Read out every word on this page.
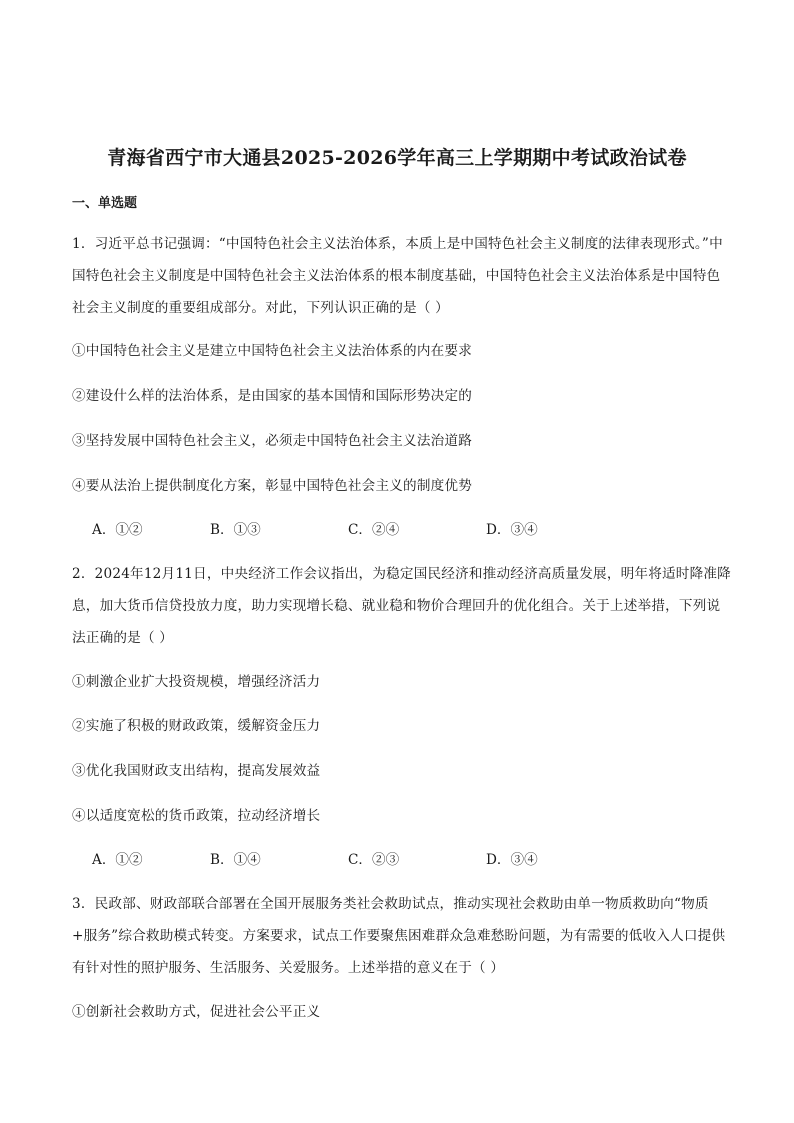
青海省西宁市大通县2025-2026学年高三上学期期中考试政治试卷
一、单选题
1．习近平总书记强调：“中国特色社会主义法治体系，本质上是中国特色社会主义制度的法律表现形式。”中国特色社会主义制度是中国特色社会主义法治体系的根本制度基础，中国特色社会主义法治体系是中国特色社会主义制度的重要组成部分。对此，下列认识正确的是（ ）
①中国特色社会主义是建立中国特色社会主义法治体系的内在要求
②建设什么样的法治体系，是由国家的基本国情和国际形势决定的
③坚持发展中国特色社会主义，必须走中国特色社会主义法治道路
④要从法治上提供制度化方案，彰显中国特色社会主义的制度优势
A．①②	B．①③	C．②④	D．③④
2．2024年12月11日，中央经济工作会议指出，为稳定国民经济和推动经济高质量发展，明年将适时降准降息，加大货币信贷投放力度，助力实现增长稳、就业稳和物价合理回升的优化组合。关于上述举措，下列说法正确的是（ ）
①刺激企业扩大投资规模，增强经济活力
②实施了积极的财政政策，缓解资金压力
③优化我国财政支出结构，提高发展效益
④以适度宽松的货币政策，拉动经济增长
A．①②	B．①④	C．②③	D．③④
3．民政部、财政部联合部署在全国开展服务类社会救助试点，推动实现社会救助由单一物质救助向“物质+服务”综合救助模式转变。方案要求，试点工作要聚焦困难群众急难愁盼问题，为有需要的低收入人口提供有针对性的照护服务、生活服务、关爱服务。上述举措的意义在于（ ）
①创新社会救助方式，促进社会公平正义
